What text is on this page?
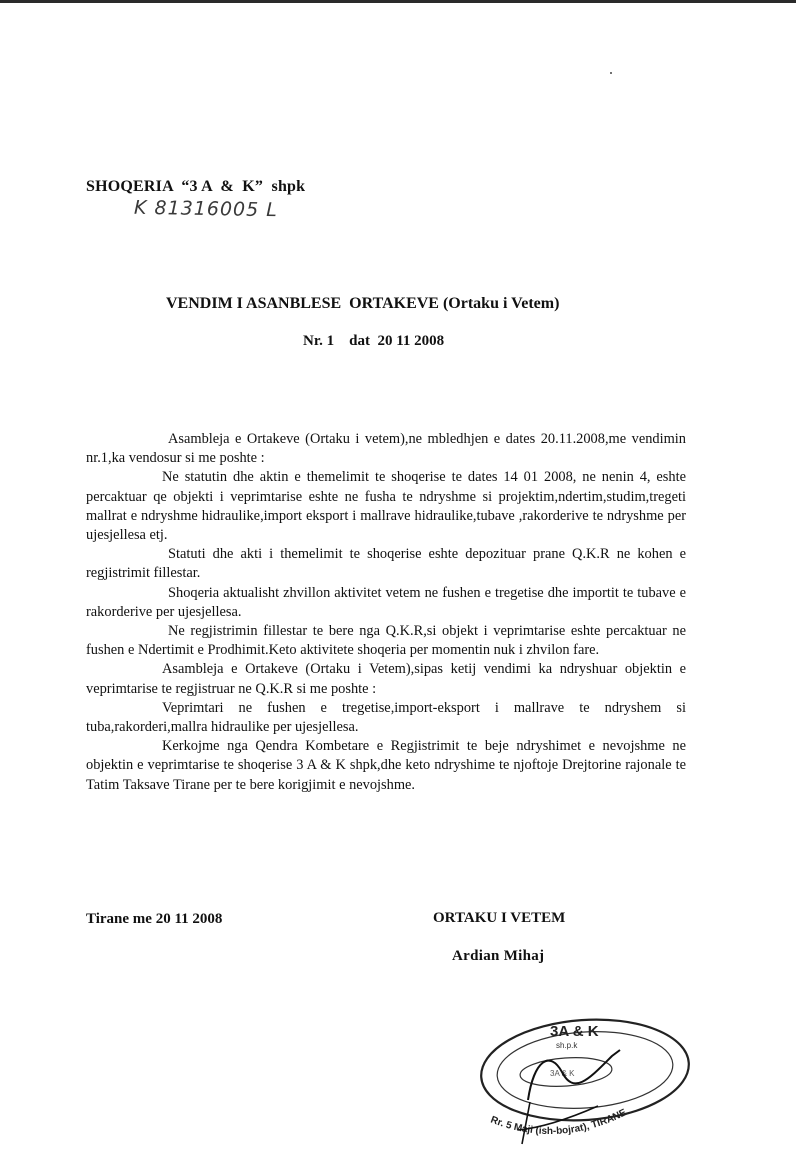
SHOQERIA  “3 A  &  K”  shpk
K 81316005 L
VENDIM I ASANBLESE  ORTAKEVE (Ortaku i Vetem)
Nr. 1    dat  20 11 2008

Asambleja e Ortakeve (Ortaku i vetem),ne mbledhjen e dates 20.11.2008,me vendimin nr.1,ka vendosur si me poshte :

Ne statutin dhe aktin e themelimit te shoqerise te dates 14 01 2008, ne nenin 4, eshte percaktuar qe objekti i veprimtarise eshte ne fusha te ndryshme si projektim,ndertim,studim,tregeti mallrat e ndryshme hidraulike,import eksport i mallrave hidraulike,tubave ,rakorderive te ndryshme per ujesjellesa etj.

Statuti dhe akti i themelimit te shoqerise eshte depozituar prane Q.K.R ne kohen e regjistrimit fillestar.

Shoqeria aktualisht zhvillon aktivitet vetem ne fushen e tregetise dhe importit te tubave e rakorderive per ujesjellesa.

Ne regjistrimin fillestar te bere nga Q.K.R,si objekt i veprimtarise eshte percaktuar ne fushen e Ndertimit e Prodhimit.Keto aktivitete shoqeria per momentin nuk i zhvilon fare.

Asambleja e Ortakeve (Ortaku i Vetem),sipas ketij vendimi ka ndryshuar objektin e veprimtarise te regjistruar ne Q.K.R si me poshte :

Veprimtari ne fushen e tregetise,import-eksport i mallrave te ndryshem si tuba,rakorderi,mallra hidraulike per ujesjellesa.

Kerkojme nga Qendra Kombetare e Regjistrimit te beje ndryshimet e nevojshme ne objektin e veprimtarise te shoqerise 3 A & K shpk,dhe keto ndryshime te njoftoje Drejtorine rajonale te Tatim Taksave Tirane per te bere korigjimit e nevojshme.

Tirane me 20 11 2008	ORTAKU I VETEM
Ardian Mihaj
3A & K
sh.p.k
3A & K
Rr. 5 Maji (ish-bojrat), TIRANE
